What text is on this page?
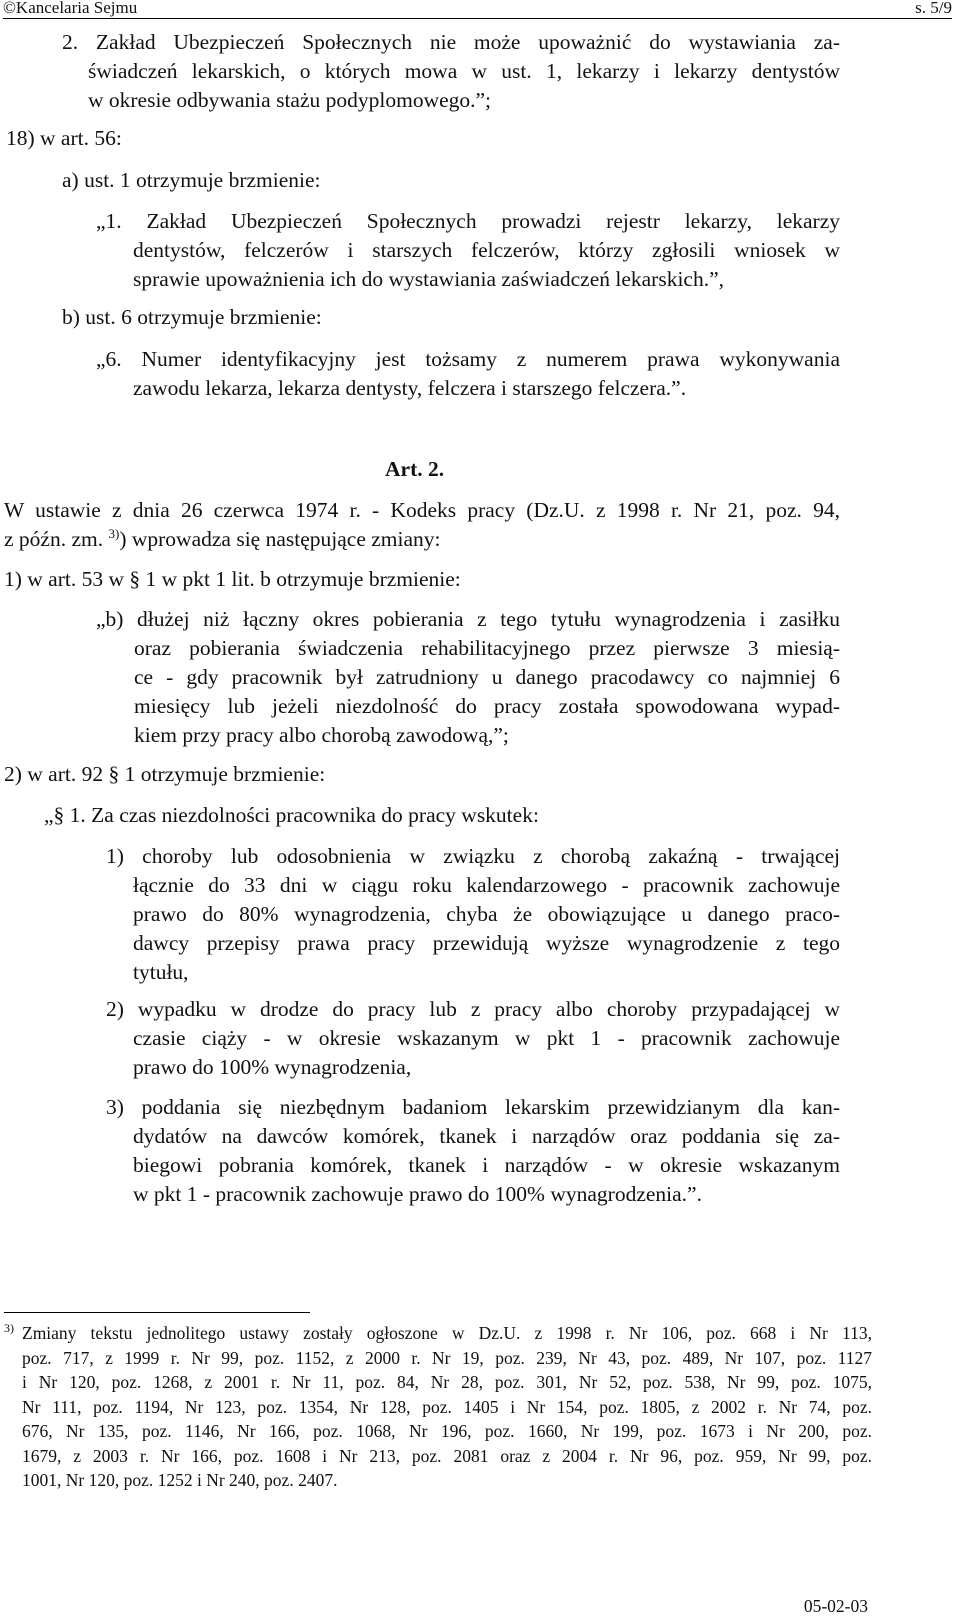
©Kancelaria Sejmu	s. 5/9
2. Zakład Ubezpieczeń Społecznych nie może upoważnić do wystawiania za-
świadczeń lekarskich, o których mowa w ust. 1, lekarzy i lekarzy dentystów
w okresie odbywania stażu podyplomowego.”;
18) w art. 56:
a) ust. 1 otrzymuje brzmienie:
„1. Zakład Ubezpieczeń Społecznych prowadzi rejestr lekarzy, lekarzy
dentystów, felczerów i starszych felczerów, którzy zgłosili wniosek w
sprawie upoważnienia ich do wystawiania zaświadczeń lekarskich.”,
b) ust. 6 otrzymuje brzmienie:
„6. Numer identyfikacyjny jest tożsamy z numerem prawa wykonywania
zawodu lekarza, lekarza dentysty, felczera i starszego felczera.”.
Art. 2.
W ustawie z dnia 26 czerwca 1974 r. - Kodeks pracy (Dz.U. z 1998 r. Nr 21, poz. 94,
z późn. zm. $^{3)}$) wprowadza się następujące zmiany:
1) w art. 53 w § 1 w pkt 1 lit. b otrzymuje brzmienie:
„b) dłużej niż łączny okres pobierania z tego tytułu wynagrodzenia i zasiłku
oraz pobierania świadczenia rehabilitacyjnego przez pierwsze 3 miesią-
ce - gdy pracownik był zatrudniony u danego pracodawcy co najmniej 6
miesięcy lub jeżeli niezdolność do pracy została spowodowana wypad-
kiem przy pracy albo chorobą zawodową,”;
2) w art. 92 § 1 otrzymuje brzmienie:
„§ 1. Za czas niezdolności pracownika do pracy wskutek:
1) choroby lub odosobnienia w związku z chorobą zakaźną - trwającej
łącznie do 33 dni w ciągu roku kalendarzowego - pracownik zachowuje
prawo do 80% wynagrodzenia, chyba że obowiązujące u danego praco-
dawcy przepisy prawa pracy przewidują wyższe wynagrodzenie z tego
tytułu,
2) wypadku w drodze do pracy lub z pracy albo choroby przypadającej w
czasie ciąży - w okresie wskazanym w pkt 1 - pracownik zachowuje
prawo do 100% wynagrodzenia,
3) poddania się niezbędnym badaniom lekarskim przewidzianym dla kan-
dydatów na dawców komórek, tkanek i narządów oraz poddania się za-
biegowi pobrania komórek, tkanek i narządów - w okresie wskazanym
w pkt 1 - pracownik zachowuje prawo do 100% wynagrodzenia.”.
3) Zmiany tekstu jednolitego ustawy zostały ogłoszone w Dz.U. z 1998 r. Nr 106, poz. 668 i Nr 113,
poz. 717, z 1999 r. Nr 99, poz. 1152, z 2000 r. Nr 19, poz. 239, Nr 43, poz. 489, Nr 107, poz. 1127
i Nr 120, poz. 1268, z 2001 r. Nr 11, poz. 84, Nr 28, poz. 301, Nr 52, poz. 538, Nr 99, poz. 1075,
Nr 111, poz. 1194, Nr 123, poz. 1354, Nr 128, poz. 1405 i Nr 154, poz. 1805, z 2002 r. Nr 74, poz.
676, Nr 135, poz. 1146, Nr 166, poz. 1068, Nr 196, poz. 1660, Nr 199, poz. 1673 i Nr 200, poz.
1679, z 2003 r. Nr 166, poz. 1608 i Nr 213, poz. 2081 oraz z 2004 r. Nr 96, poz. 959, Nr 99, poz.
1001, Nr 120, poz. 1252 i Nr 240, poz. 2407.
05-02-03
